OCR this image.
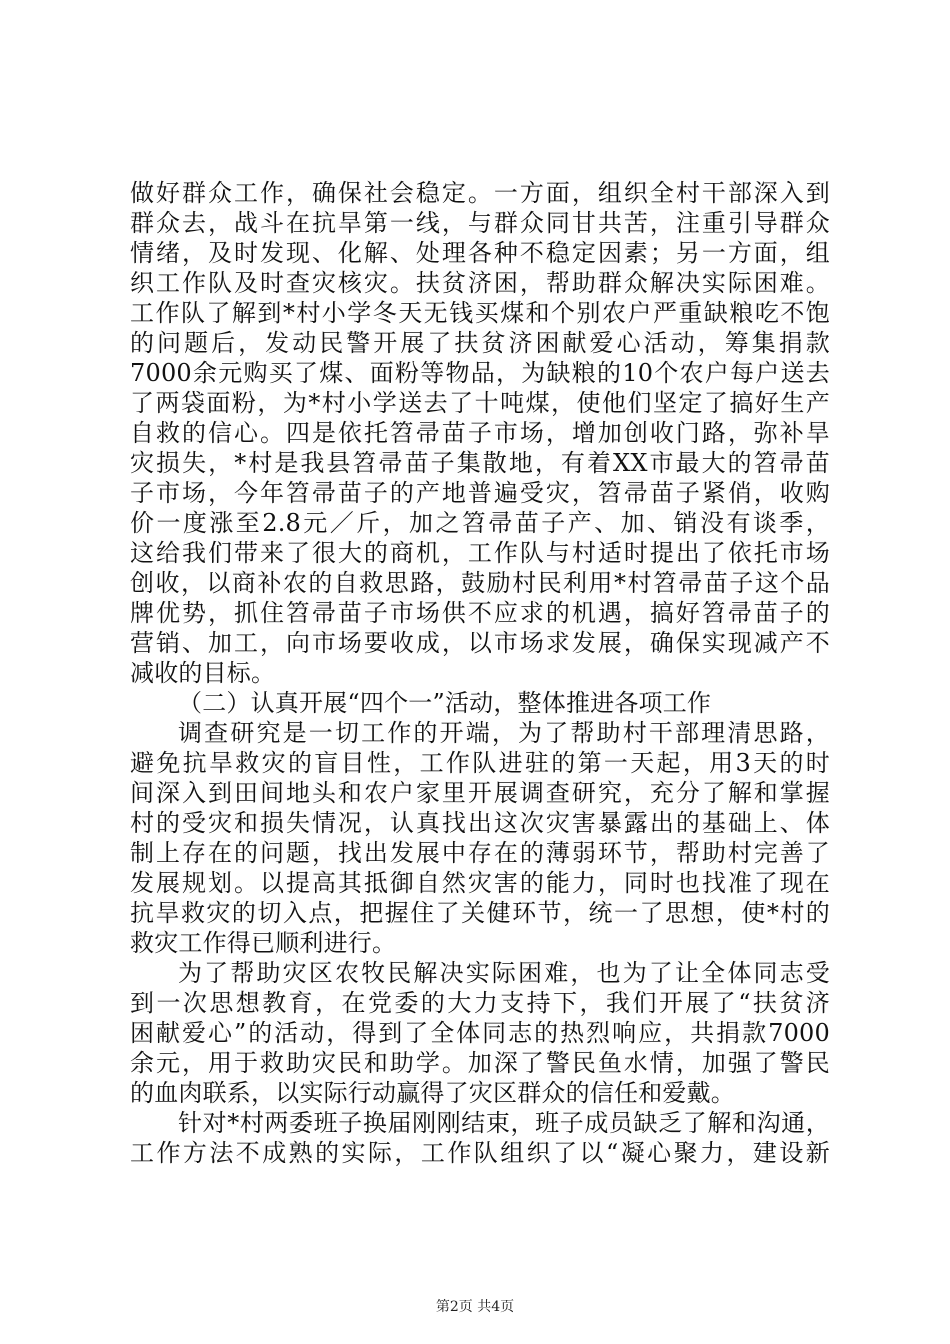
做好群众工作，确保社会稳定。一方面，组织全村干部深入到
群众去，战斗在抗旱第一线，与群众同甘共苦，注重引导群众
情绪，及时发现、化解、处理各种不稳定因素；另一方面，组
织工作队及时查灾核灾。扶贫济困，帮助群众解决实际困难。
工作队了解到*村小学冬天无钱买煤和个别农户严重缺粮吃不饱
的问题后，发动民警开展了扶贫济困献爱心活动，筹集捐款
7000余元购买了煤、面粉等物品，为缺粮的10个农户每户送去
了两袋面粉，为*村小学送去了十吨煤，使他们坚定了搞好生产
自救的信心。四是依托笤帚苗子市场，增加创收门路，弥补旱
灾损失，*村是我县笤帚苗子集散地，有着XX市最大的笤帚苗
子市场，今年笤帚苗子的产地普遍受灾，笤帚苗子紧俏，收购
价一度涨至2.8元／斤，加之笤帚苗子产、加、销没有谈季，
这给我们带来了很大的商机，工作队与村适时提出了依托市场
创收，以商补农的自救思路，鼓励村民利用*村笤帚苗子这个品
牌优势，抓住笤帚苗子市场供不应求的机遇，搞好笤帚苗子的
营销、加工，向市场要收成，以市场求发展，确保实现减产不
减收的目标。
（二）认真开展“四个一”活动，整体推进各项工作
调查研究是一切工作的开端，为了帮助村干部理清思路，
避免抗旱救灾的盲目性，工作队进驻的第一天起，用3天的时
间深入到田间地头和农户家里开展调查研究，充分了解和掌握
村的受灾和损失情况，认真找出这次灾害暴露出的基础上、体
制上存在的问题，找出发展中存在的薄弱环节，帮助村完善了
发展规划。以提高其抵御自然灾害的能力，同时也找准了现在
抗旱救灾的切入点，把握住了关健环节，统一了思想，使*村的
救灾工作得已顺利进行。
为了帮助灾区农牧民解决实际困难，也为了让全体同志受
到一次思想教育，在党委的大力支持下，我们开展了“扶贫济
困献爱心”的活动，得到了全体同志的热烈响应，共捐款7000
余元，用于救助灾民和助学。加深了警民鱼水情，加强了警民
的血肉联系，以实际行动赢得了灾区群众的信任和爱戴。
针对*村两委班子换届刚刚结束，班子成员缺乏了解和沟通，
工作方法不成熟的实际，工作队组织了以“凝心聚力，建设新
第2页 共4页
